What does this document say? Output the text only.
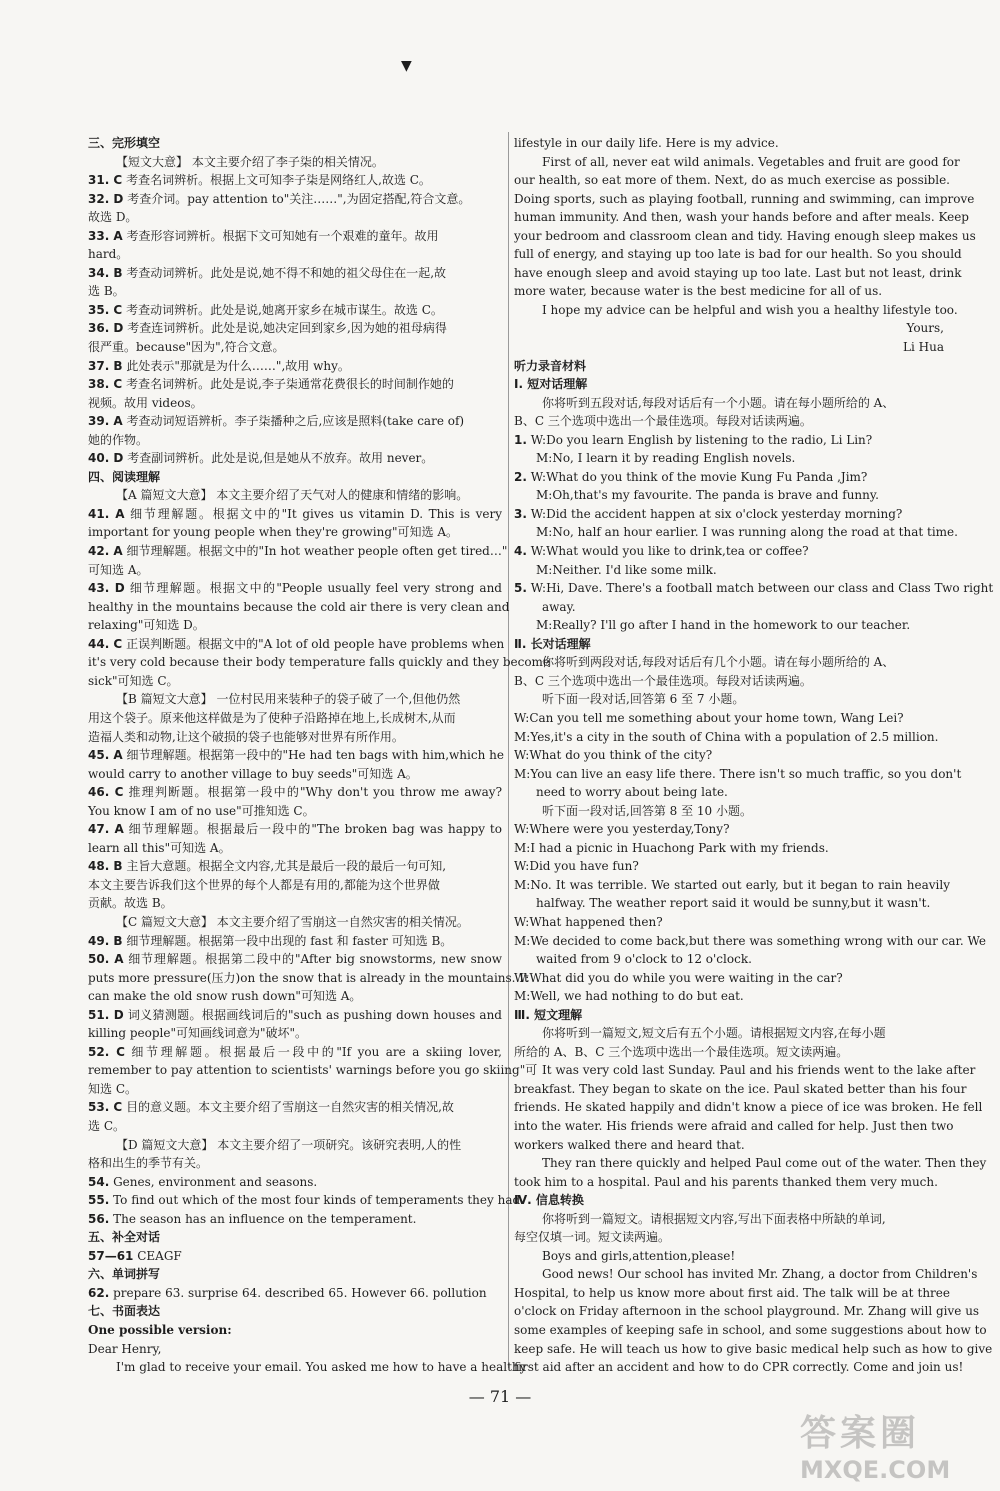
▼
三、完形填空
【短文大意】 本文主要介绍了李子柒的相关情况。
31. C 考查名词辨析。根据上文可知李子柒是网络红人,故选 C。
32. D 考查介词。pay attention to"关注……",为固定搭配,符合文意。
故选 D。
33. A 考查形容词辨析。根据下文可知她有一个艰难的童年。故用
hard。
34. B 考查动词辨析。此处是说,她不得不和她的祖父母住在一起,故
选 B。
35. C 考查动词辨析。此处是说,她离开家乡在城市谋生。故选 C。
36. D 考查连词辨析。此处是说,她决定回到家乡,因为她的祖母病得
很严重。because"因为",符合文意。
37. B 此处表示"那就是为什么……",故用 why。
38. C 考查名词辨析。此处是说,李子柒通常花费很长的时间制作她的
视频。故用 videos。
39. A 考查动词短语辨析。李子柒播种之后,应该是照料(take care of)
她的作物。
40. D 考查副词辨析。此处是说,但是她从不放弃。故用 never。
四、阅读理解
【A 篇短文大意】 本文主要介绍了天气对人的健康和情绪的影响。
41. A 细节理解题。根据文中的"It gives us vitamin D. This is very
important for young people when they're growing"可知选 A。
42. A 细节理解题。根据文中的"In hot weather people often get tired…"
可知选 A。
43. D 细节理解题。根据文中的"People usually feel very strong and
healthy in the mountains because the cold air there is very clean and
relaxing"可知选 D。
44. C 正误判断题。根据文中的"A lot of old people have problems when
it's very cold because their body temperature falls quickly and they become
sick"可知选 C。
【B 篇短文大意】 一位村民用来装种子的袋子破了一个,但他仍然
用这个袋子。原来他这样做是为了使种子沿路掉在地上,长成树木,从而
造福人类和动物,让这个破损的袋子也能够对世界有所作用。
45. A 细节理解题。根据第一段中的"He had ten bags with him,which he
would carry to another village to buy seeds"可知选 A。
46. C 推理判断题。根据第一段中的"Why don't you throw me away?
You know I am of no use"可推知选 C。
47. A 细节理解题。根据最后一段中的"The broken bag was happy to
learn all this"可知选 A。
48. B 主旨大意题。根据全文内容,尤其是最后一段的最后一句可知,
本文主要告诉我们这个世界的每个人都是有用的,都能为这个世界做
贡献。故选 B。
【C 篇短文大意】 本文主要介绍了雪崩这一自然灾害的相关情况。
49. B 细节理解题。根据第一段中出现的 fast 和 faster 可知选 B。
50. A 细节理解题。根据第二段中的"After big snowstorms, new snow
puts more pressure(压力)on the snow that is already in the mountains. It
can make the old snow rush down"可知选 A。
51. D 词义猜测题。根据画线词后的"such as pushing down houses and
killing people"可知画线词意为"破坏"。
52. C 细节理解题。根据最后一段中的"If you are a skiing lover,
remember to pay attention to scientists' warnings before you go skiing"可
知选 C。
53. C 目的意义题。本文主要介绍了雪崩这一自然灾害的相关情况,故
选 C。
【D 篇短文大意】 本文主要介绍了一项研究。该研究表明,人的性
格和出生的季节有关。
54. Genes, environment and seasons.
55. To find out which of the most four kinds of temperaments they had.
56. The season has an influence on the temperament.
五、补全对话
57—61 CEAGF
六、单词拼写
62. prepare 63. surprise 64. described 65. However 66. pollution
七、书面表达
One possible version:
Dear Henry,
I'm glad to receive your email. You asked me how to have a healthy
lifestyle in our daily life. Here is my advice.
First of all, never eat wild animals. Vegetables and fruit are good for
our health, so eat more of them. Next, do as much exercise as possible.
Doing sports, such as playing football, running and swimming, can improve
human immunity. And then, wash your hands before and after meals. Keep
your bedroom and classroom clean and tidy. Having enough sleep makes us
full of energy, and staying up too late is bad for our health. So you should
have enough sleep and avoid staying up too late. Last but not least, drink
more water, because water is the best medicine for all of us.
I hope my advice can be helpful and wish you a healthy lifestyle too.
Yours,
Li Hua
听力录音材料
Ⅰ. 短对话理解
你将听到五段对话,每段对话后有一个小题。请在每小题所给的 A、
B、C 三个选项中选出一个最佳选项。每段对话读两遍。
1. W:Do you learn English by listening to the radio, Li Lin?
M:No, I learn it by reading English novels.
2. W:What do you think of the movie Kung Fu Panda ,Jim?
M:Oh,that's my favourite. The panda is brave and funny.
3. W:Did the accident happen at six o'clock yesterday morning?
M:No, half an hour earlier. I was running along the road at that time.
4. W:What would you like to drink,tea or coffee?
M:Neither. I'd like some milk.
5. W:Hi, Dave. There's a football match between our class and Class Two right
away.
M:Really? I'll go after I hand in the homework to our teacher.
Ⅱ. 长对话理解
你将听到两段对话,每段对话后有几个小题。请在每小题所给的 A、
B、C 三个选项中选出一个最佳选项。每段对话读两遍。
听下面一段对话,回答第 6 至 7 小题。
W:Can you tell me something about your home town, Wang Lei?
M:Yes,it's a city in the south of China with a population of 2.5 million.
W:What do you think of the city?
M:You can live an easy life there. There isn't so much traffic, so you don't
need to worry about being late.
听下面一段对话,回答第 8 至 10 小题。
W:Where were you yesterday,Tony?
M:I had a picnic in Huachong Park with my friends.
W:Did you have fun?
M:No. It was terrible. We started out early, but it began to rain heavily
halfway. The weather report said it would be sunny,but it wasn't.
W:What happened then?
M:We decided to come back,but there was something wrong with our car. We
waited from 9 o'clock to 12 o'clock.
W:What did you do while you were waiting in the car?
M:Well, we had nothing to do but eat.
Ⅲ. 短文理解
你将听到一篇短文,短文后有五个小题。请根据短文内容,在每小题
所给的 A、B、C 三个选项中选出一个最佳选项。短文读两遍。
It was very cold last Sunday. Paul and his friends went to the lake after
breakfast. They began to skate on the ice. Paul skated better than his four
friends. He skated happily and didn't know a piece of ice was broken. He fell
into the water. His friends were afraid and called for help. Just then two
workers walked there and heard that.
They ran there quickly and helped Paul come out of the water. Then they
took him to a hospital. Paul and his parents thanked them very much.
Ⅳ. 信息转换
你将听到一篇短文。请根据短文内容,写出下面表格中所缺的单词,
每空仅填一词。短文读两遍。
Boys and girls,attention,please!
Good news! Our school has invited Mr. Zhang, a doctor from Children's
Hospital, to help us know more about first aid. The talk will be at three
o'clock on Friday afternoon in the school playground. Mr. Zhang will give us
some examples of keeping safe in school, and some suggestions about how to
keep safe. He will teach us how to give basic medical help such as how to give
first aid after an accident and how to do CPR correctly. Come and join us!
— 71 —
答案圈
MXQE.COM
